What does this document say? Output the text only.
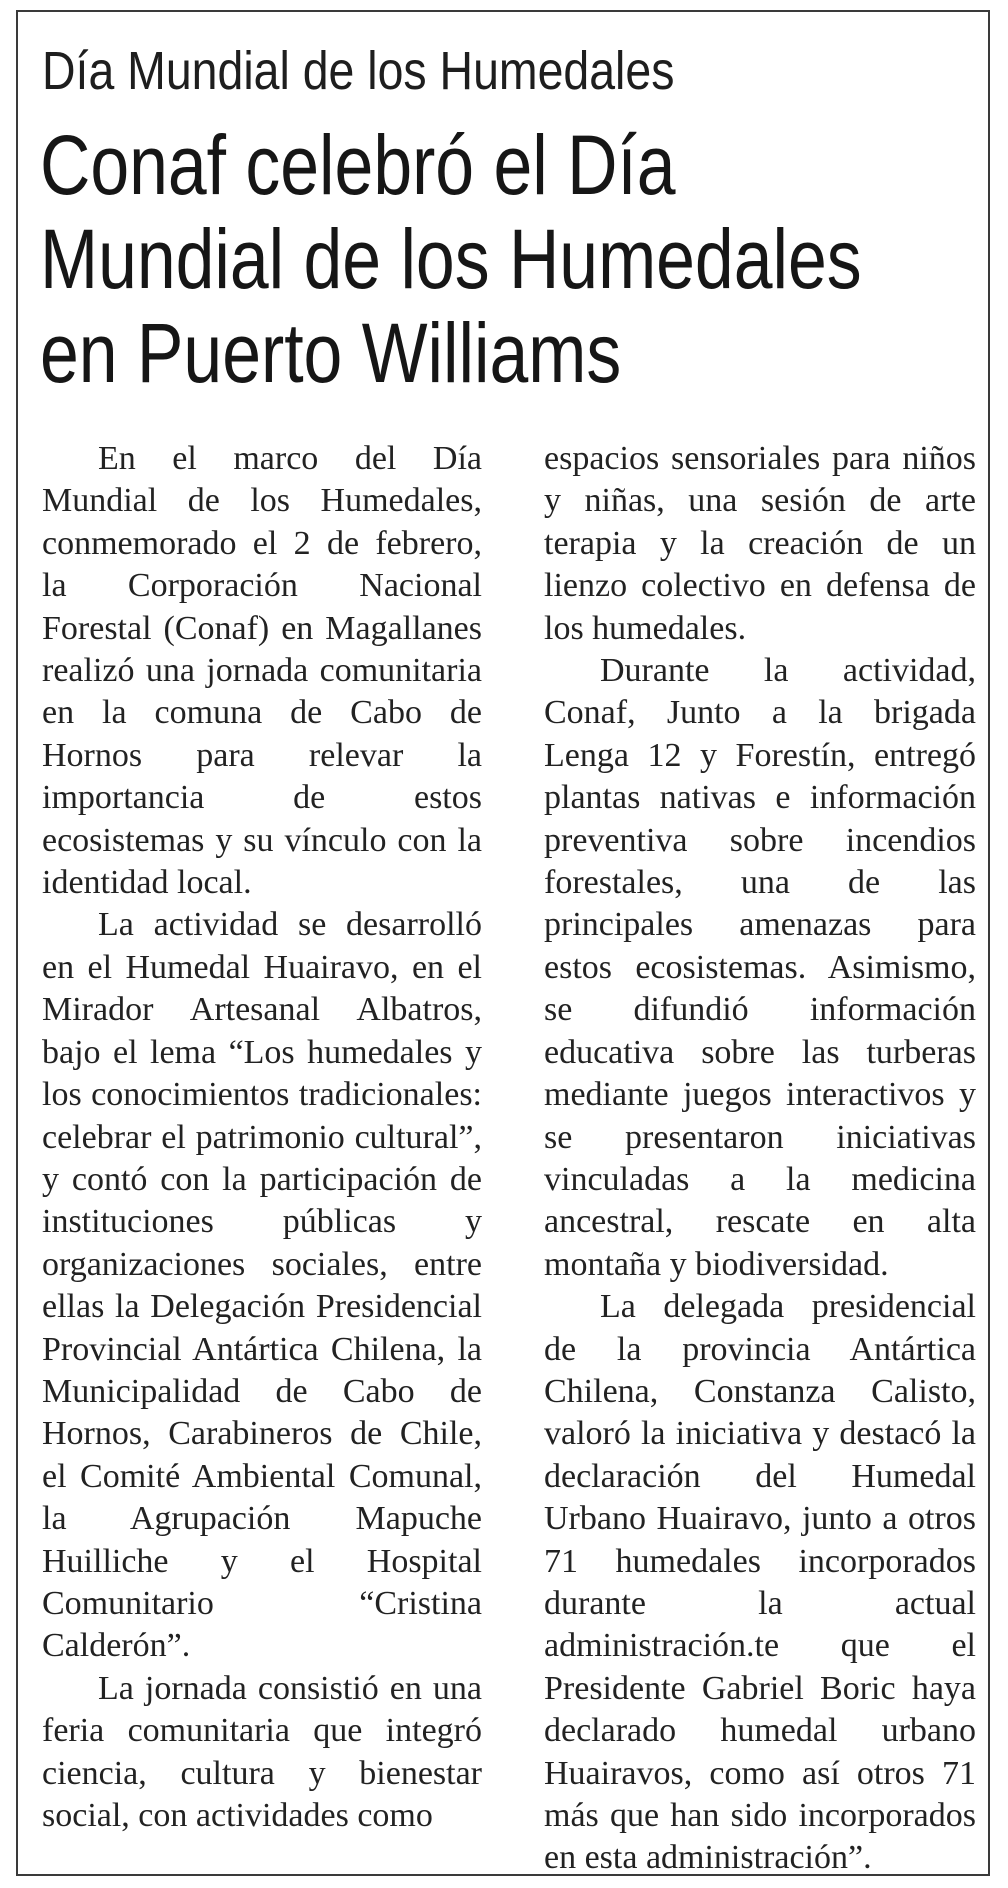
Día Mundial de los Humedales
Conaf celebró el Día
Mundial de los Humedales
en Puerto Williams

En el marco del Día Mundial de los Humedales, conmemorado el 2 de febrero, la Corporación Nacional Forestal (Conaf) en Magallanes realizó una jornada comunitaria en la comuna de Cabo de Hornos para relevar la importancia de estos ecosistemas y su vínculo con la identidad local.

La actividad se desarrolló en el Humedal Huairavo, en el Mirador Artesanal Albatros, bajo el lema “Los humedales y los conocimientos tradicionales: celebrar el patrimonio cultural”, y contó con la participación de instituciones públicas y organizaciones sociales, entre ellas la Delegación Presidencial Provincial Antártica Chilena, la Municipalidad de Cabo de Hornos, Carabineros de Chile, el Comité Ambiental Comunal, la Agrupación Mapuche Huilliche y el Hospital Comunitario “Cristina Calderón”.

La jornada consistió en una feria comunitaria que integró ciencia, cultura y bienestar social, con actividades como

espacios sensoriales para niños y niñas, una sesión de arte terapia y la creación de un lienzo colectivo en defensa de los humedales.

Durante la actividad, Conaf, Junto a la brigada Lenga 12 y Forestín, entregó plantas nativas e información preventiva sobre incendios forestales, una de las principales amenazas para estos ecosistemas. Asimismo, se difundió información educativa sobre las turberas mediante juegos interactivos y se presentaron iniciativas vinculadas a la medicina ancestral, rescate en alta montaña y biodiversidad.

La delegada presidencial de la provincia Antártica Chilena, Constanza Calisto, valoró la iniciativa y destacó la declaración del Humedal Urbano Huairavo, junto a otros 71 humedales incorporados durante la actual administración.te que el Presidente Gabriel Boric haya declarado humedal urbano Huairavos, como así otros 71 más que han sido incorporados en esta administración”.
